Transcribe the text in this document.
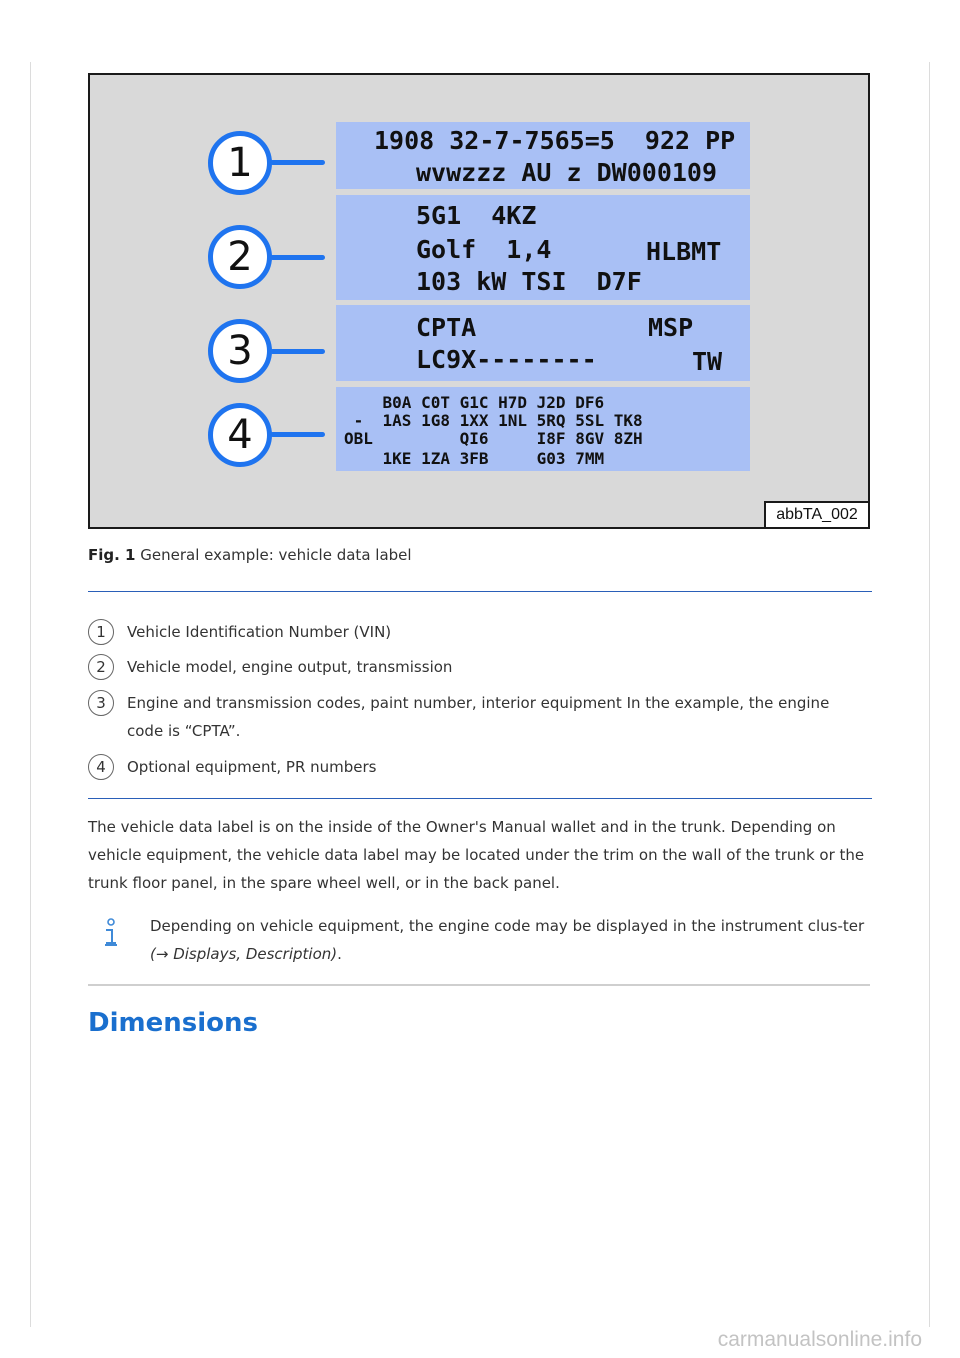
1
2
3
4
1908 32-7-7565=5  922 PP
wvwzzz AU z DW000109
5G1  4KZ
Golf  1,4	HLBMT
103 kW TSI  D7F
CPTA	MSP
LC9X--------	TW
B0A C0T G1C H7D J2D DF6
-  1AS 1G8 1XX 1NL 5RQ 5SL TK8
OBL         QI6     I8F 8GV 8ZH
1KE 1ZA 3FB     G03 7MM
abbTA_002
Fig. 1 General example: vehicle data label
1	Vehicle Identification Number (VIN)
2	Vehicle model, engine output, transmission
3	Engine and transmission codes, paint number, interior equipment In the example, the engine code is “CPTA”.
4	Optional equipment, PR numbers
The vehicle data label is on the inside of the Owner's Manual wallet and in the trunk. Depending on vehicle equipment, the vehicle data label may be located under the trim on the wall of the trunk or the trunk floor panel, in the spare wheel well, or in the back panel.
Depending on vehicle equipment, the engine code may be displayed in the instrument clus-ter (→ Displays, Description).
Dimensions
carmanualsonline.info
